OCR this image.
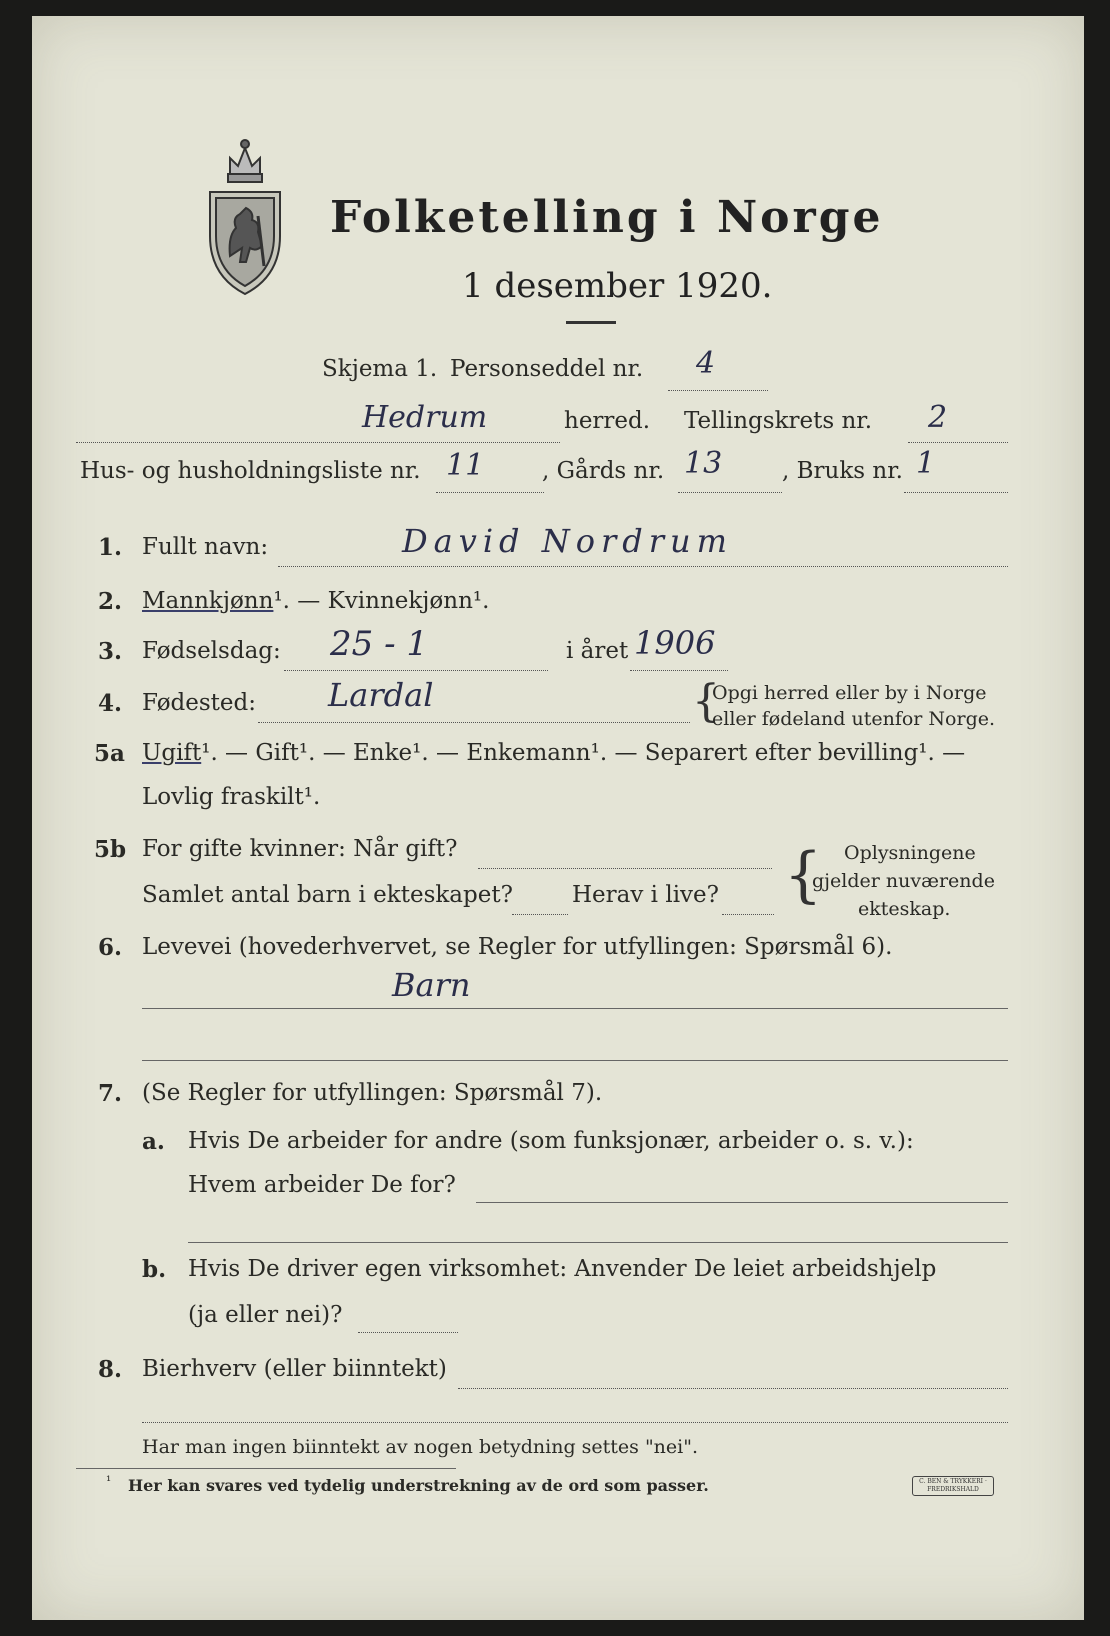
Folketelling i Norge
1 desember 1920.
Skjema 1. Personseddel nr. 4
Hedrum	herred. Tellingskrets nr. 2
Hus- og husholdningsliste nr. 11	, Gårds nr. 13	, Bruks nr. 1
1. Fullt navn:	David Nordrum
2. Mannkjønn¹. — Kvinnekjønn¹.
3. Fødselsdag: 25 - 1	i året 1906
4. Fødested: Lardal	{
Opgi herred eller by i Norge
eller fødeland utenfor Norge.
5a Ugift¹. — Gift¹. — Enke¹. — Enkemann¹. — Separert efter bevilling¹. —
Lovlig fraskilt¹.
5b For gifte kvinner: Når gift?
Samlet antal barn i ekteskapet?	Herav i live? { Oplysningene
gjelder nuværende
ekteskap.
6. Levevei (hovederhvervet, se Regler for utfyllingen: Spørsmål 6).
Barn
7. (Se Regler for utfyllingen: Spørsmål 7).
a. Hvis De arbeider for andre (som funksjonær, arbeider o. s. v.):
Hvem arbeider De for?
b. Hvis De driver egen virksomhet: Anvender De leiet arbeidshjelp
(ja eller nei)?
8. Bierhverv (eller biinntekt)
Har man ingen biinntekt av nogen betydning settes "nei".
¹ Her kan svares ved tydelig understrekning av de ord som passer.	C. BEN & TRYKKERI · FREDRIKSHALD
